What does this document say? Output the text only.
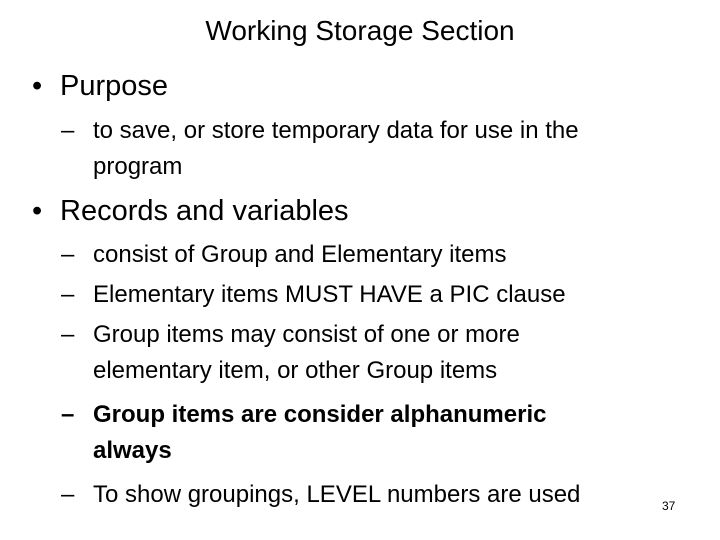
Working Storage Section
• Purpose
– to save, or store temporary data for use in the
program
• Records and variables
– consist of Group and Elementary items
– Elementary items MUST HAVE a PIC clause
– Group items may consist of one or more
elementary item, or other Group items
– Group items are consider alphanumeric
always
– To show groupings, LEVEL numbers are used	37
